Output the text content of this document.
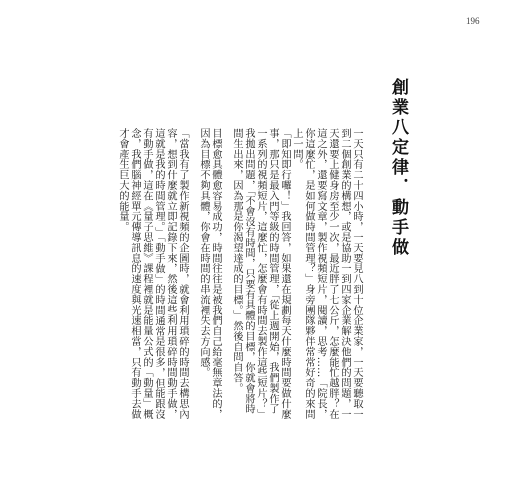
196
創業八定律．動手做

一天只有二十四小時，一天要見八到十位企業家，一天要聽取一到二個創業的構想，或是協助一到四家企業解決他們的問題，一天還要上健身房至少一次，最近胖了七公斤，怎麼能忙越胖？在這之外，還要寫文章，製作視頻短片，閱讀，思考……「院長，你這麼忙，是如何做時間管理？」身旁團隊夥伴常常好奇的來問上一問。

「即知即行囉！」我回答，如果還在規劃每天什麼時間要做什麼事，那只是最入門等級的時間管理，「從上週開始，我們製作了一系列的視頻短片，這麼忙，怎麼會有時間去製作這些短片？」我拋出問題，「不會沒有時間，只要有具體的目標，你就會將時間生出來，因為那是你渴望達成的目標。」然後自問自答。

目標愈具體愈容易成功，時間往往是被我們自己給毫無章法的，因為目標不夠具體，你會在時間的串流裡失去方向感。

「當我有了製作新視頻的企圖時，就會利用瑣碎的時間去構思內容，想到什麼就立即記錄下來，然後這些利用瑣碎時間動手做，這就是我的時間管理。」「動手做」的時間通常是很多，但能跟沒有動手做，這在《量子思維》課程裡就是能量公式的「動量」概念，我們腦神經單元傳導訊息的速度與光速相當，只有動手去做才會產生巨大的能量。
